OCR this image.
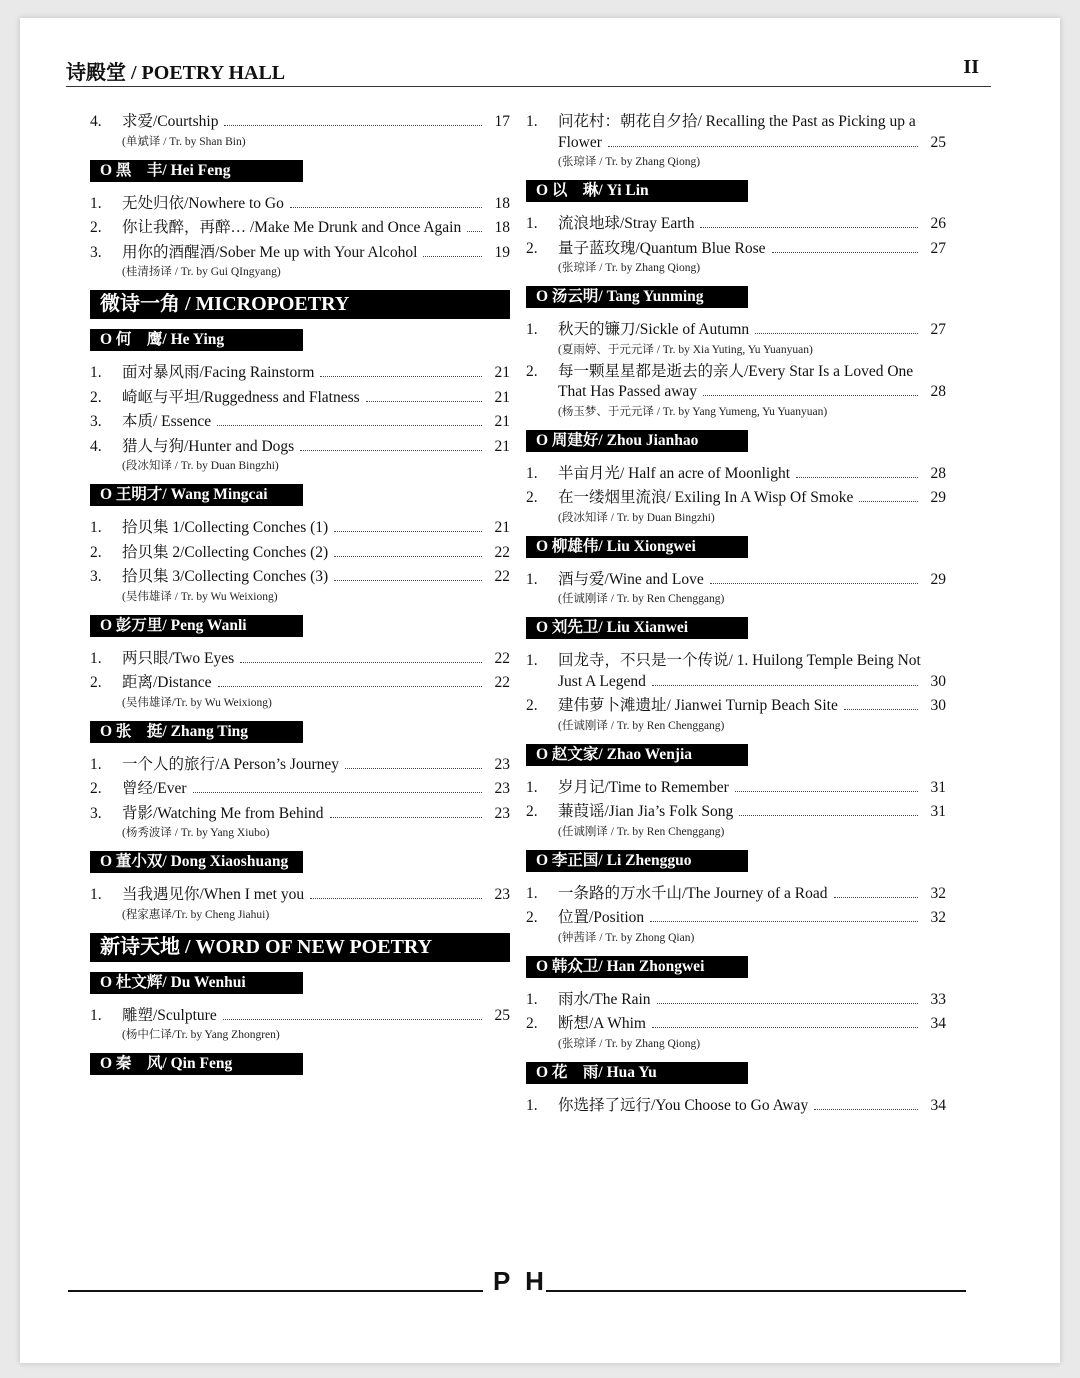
诗殿堂 / POETRY HALL	II
4.	求爱/Courtship	17
(单斌译 / Tr. by Shan Bin)
O 黑　丰/ Hei Feng
1.	无处归依/Nowhere to Go	18
2.	你让我醉，再醉… /Make Me Drunk and Once Again	18
3.	用你的酒醒酒/Sober Me up with Your Alcohol	19
(桂清扬译 / Tr. by Gui QIngyang)
微诗一角 / MICROPOETRY
O 何　鹰/ He Ying
1.	面对暴风雨/Facing Rainstorm	21
2.	崎岖与平坦/Ruggedness and Flatness	21
3.	本质/ Essence	21
4.	猎人与狗/Hunter and Dogs	21
(段冰知译 / Tr. by Duan Bingzhi)
O 王明才/ Wang Mingcai
1.	拾贝集 1/Collecting Conches (1)	21
2.	拾贝集 2/Collecting Conches (2)	22
3.	拾贝集 3/Collecting Conches (3)	22
(吴伟雄译 / Tr. by Wu Weixiong)
O 彭万里/ Peng Wanli
1.	两只眼/Two Eyes	22
2.	距离/Distance	22
(吴伟雄译/Tr. by Wu Weixiong)
O 张　挺/ Zhang Ting
1.	一个人的旅行/A Person’s Journey	23
2.	曾经/Ever	23
3.	背影/Watching Me from Behind	23
(杨秀波译 / Tr. by Yang Xiubo)
O 董小双/ Dong Xiaoshuang
1.	当我遇见你/When I met you	23
(程家惠译/Tr. by Cheng Jiahui)
新诗天地 / WORD OF NEW POETRY
O 杜文辉/ Du Wenhui
1.	雕塑/Sculpture	25
(杨中仁译/Tr. by Yang Zhongren)
O 秦　风/ Qin Feng
1.	问花村：朝花自夕拾/ Recalling the Past as Picking up a
Flower	25
(张琼译 / Tr. by Zhang Qiong)
O 以　琳/ Yi Lin
1.	流浪地球/Stray Earth	26
2.	量子蓝玫瑰/Quantum Blue Rose	27
(张琼译 / Tr. by Zhang Qiong)
O 汤云明/ Tang Yunming
1.	秋天的镰刀/Sickle of Autumn	27
(夏雨婷、于元元译 / Tr. by Xia Yuting, Yu Yuanyuan)
2.	每一颗星星都是逝去的亲人/Every Star Is a Loved One
That Has Passed away	28
(杨玉梦、于元元译 / Tr. by Yang Yumeng, Yu Yuanyuan)
O 周建好/ Zhou Jianhao
1.	半亩月光/ Half an acre of Moonlight	28
2.	在一缕烟里流浪/ Exiling In A Wisp Of Smoke	29
(段冰知译 / Tr. by Duan Bingzhi)
O 柳雄伟/ Liu Xiongwei
1.	酒与爱/Wine and Love	29
(任诚刚译 / Tr. by Ren Chenggang)
O 刘先卫/ Liu Xianwei
1.	回龙寺，不只是一个传说/ 1. Huilong Temple Being Not
Just A Legend	30
2.	建伟萝卜滩遗址/ Jianwei Turnip Beach Site	30
(任诚刚译 / Tr. by Ren Chenggang)
O 赵文家/ Zhao Wenjia
1.	岁月记/Time to Remember	31
2.	蒹葭谣/Jian Jia’s Folk Song	31
(任诚刚译 / Tr. by Ren Chenggang)
O 李正国/ Li Zhengguo
1.	一条路的万水千山/The Journey of a Road	32
2.	位置/Position	32
(钟茜译 / Tr. by Zhong Qian)
O 韩众卫/ Han Zhongwei
1.	雨水/The Rain	33
2.	断想/A Whim	34
(张琼译 / Tr. by Zhang Qiong)
O 花　雨/ Hua Yu
1.	你选择了远行/You Choose to Go Away	34
P H
